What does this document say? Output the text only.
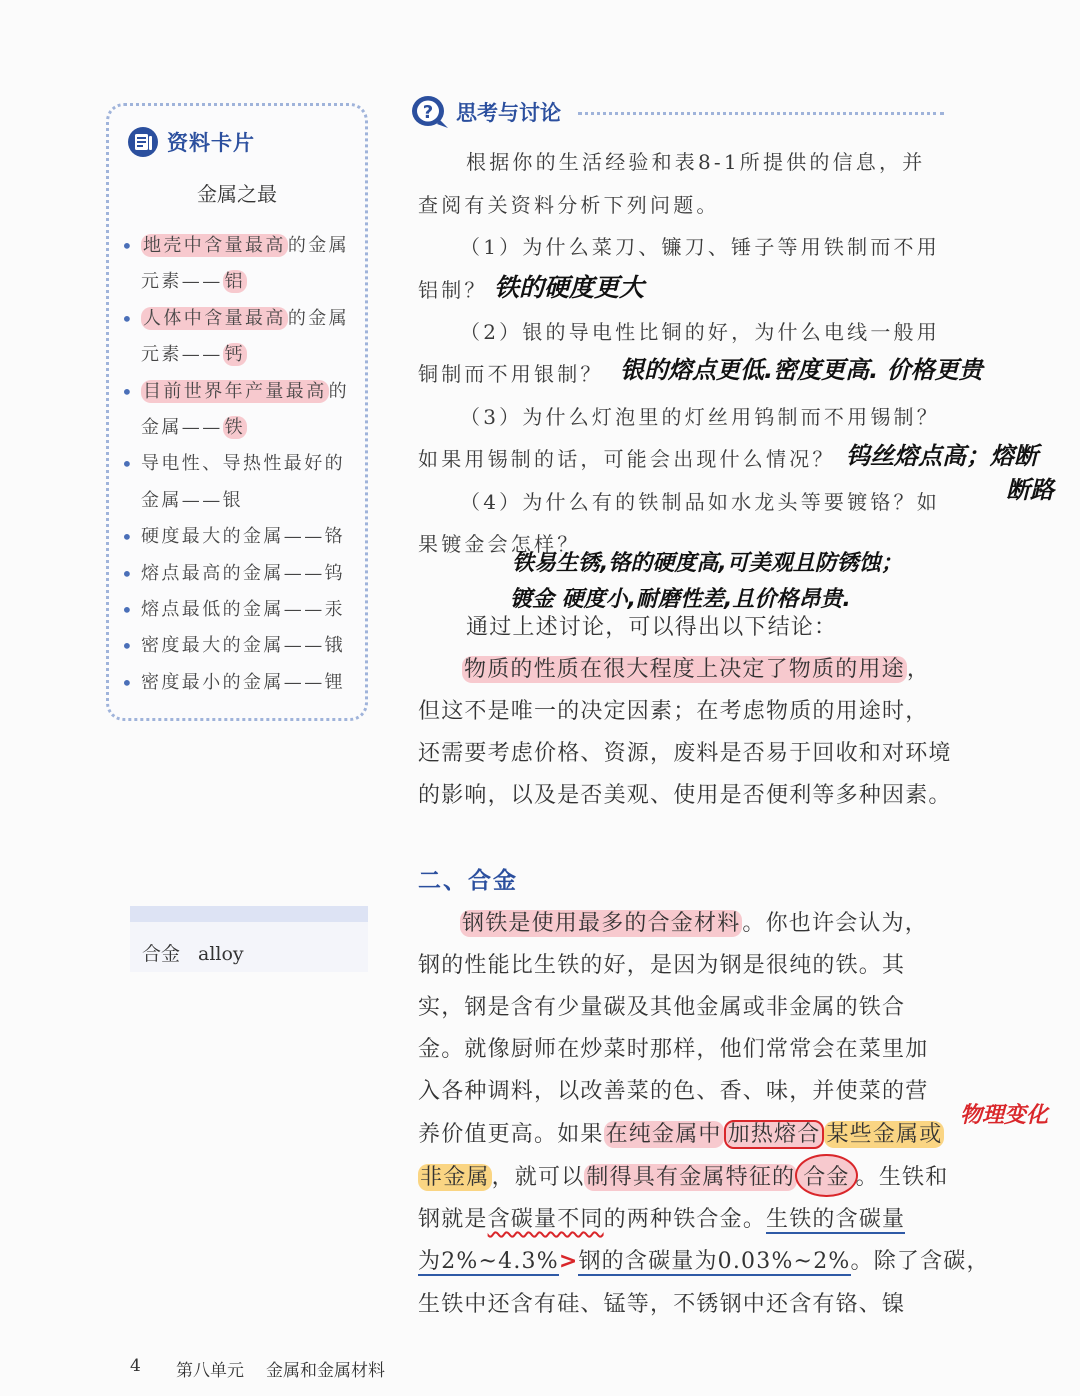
资料卡片
金属之最
• 地壳中含量最高 的金属
元素—— 铝
• 人体中含量最高 的金属
元素—— 钙
• 目前世界年产量最高 的
金属—— 铁
• 导电性、导热性最好的
金属——银
• 硬度最大的金属——铬
• 熔点最高的金属——钨
• 熔点最低的金属——汞
• 密度最大的金属——锇
• 密度最小的金属——锂
合金 alloy
? 思考与讨论
根据你的生活经验和表8-1所提供的信息，并
查阅有关资料分析下列问题。
（1）为什么菜刀、镰刀、锤子等用铁制而不用
铝制？ 铁的硬度更大
（2）银的导电性比铜的好，为什么电线一般用
铜制而不用银制？ 银的熔点更低.密度更高. 价格更贵
（3）为什么灯泡里的灯丝用钨制而不用锡制？
如果用锡制的话，可能会出现什么情况？ 钨丝熔点高；熔断
断路
（4）为什么有的铁制品如水龙头等要镀铬？如
果镀金会怎样？
铁易生锈,铬的硬度高,可美观且防锈蚀；
镀金 硬度小,耐磨性差,且价格昂贵.
通过上述讨论，可以得出以下结论：
物质的性质在很大程度上决定了物质的用途，
但这不是唯一的决定因素；在考虑物质的用途时，
还需要考虑价格、资源，废料是否易于回收和对环境
的影响，以及是否美观、使用是否便利等多种因素。
二、合金
钢铁是使用最多的合金材料。你也许会认为，
钢的性能比生铁的好，是因为钢是很纯的铁。其
实，钢是含有少量碳及其他金属或非金属的铁合
金。就像厨师在炒菜时那样，他们常常会在菜里加
入各种调料，以改善菜的色、香、味，并使菜的营
养价值更高。如果在纯金属中 加热熔合 某些金属或
物理变化
非金属，就可以制得具有金属特征的 合金 。生铁和
钢就是含碳量不同的两种铁合金。生铁的含碳量
为2%~4.3%>钢的含碳量为0.03%~2%。除了含碳，
生铁中还含有硅、锰等，不锈钢中还含有铬、镍
4 第八单元 金属和金属材料
